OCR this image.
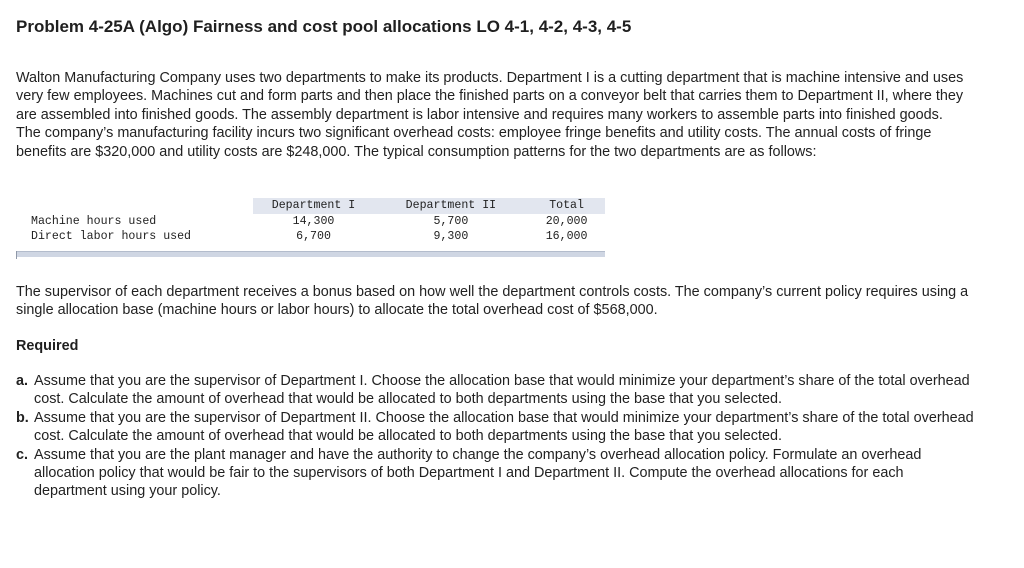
Problem 4-25A (Algo) Fairness and cost pool allocations LO 4-1, 4-2, 4-3, 4-5

Walton Manufacturing Company uses two departments to make its products. Department I is a cutting department that is machine intensive and uses very few employees. Machines cut and form parts and then place the finished parts on a conveyor belt that carries them to Department II, where they are assembled into finished goods. The assembly department is labor intensive and requires many workers to assemble parts into finished goods. The company’s manufacturing facility incurs two significant overhead costs: employee fringe benefits and utility costs. The annual costs of fringe benefits are $320,000 and utility costs are $248,000. The typical consumption patterns for the two departments are as follows:

	Department I	Department II	Total
Machine hours used	14,300	5,700	20,000
Direct labor hours used	6,700	9,300	16,000

The supervisor of each department receives a bonus based on how well the department controls costs. The company’s current policy requires using a single allocation base (machine hours or labor hours) to allocate the total overhead cost of $568,000.

Required
a. Assume that you are the supervisor of Department I. Choose the allocation base that would minimize your department’s share of the total overhead cost. Calculate the amount of overhead that would be allocated to both departments using the base that you selected.
b. Assume that you are the supervisor of Department II. Choose the allocation base that would minimize your department’s share of the total overhead cost. Calculate the amount of overhead that would be allocated to both departments using the base that you selected.
c. Assume that you are the plant manager and have the authority to change the company’s overhead allocation policy. Formulate an overhead allocation policy that would be fair to the supervisors of both Department I and Department II. Compute the overhead allocations for each department using your policy.
